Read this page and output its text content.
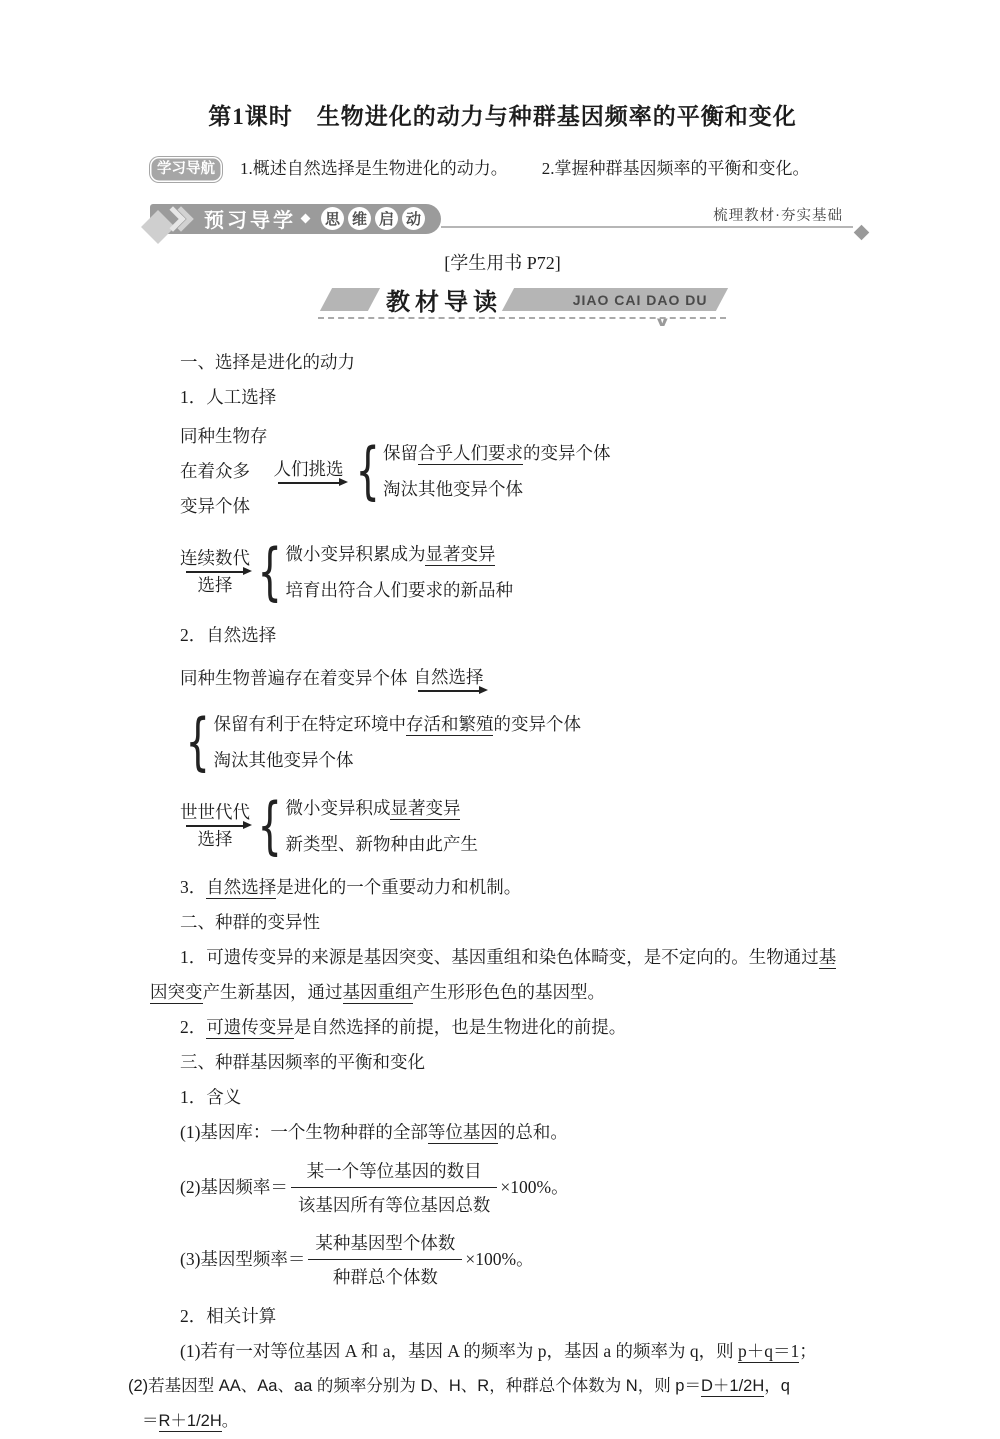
第1课时　生物进化的动力与种群基因频率的平衡和变化
学习导航	1.概述自然选择是生物进化的动力。 2.掌握种群基因频率的平衡和变化。
预习导学 思 维 启 动	梳理教材·夯实基础
[学生用书 P72]
教材导读	JIAO CAI DAO DU
∨

一、选择是进化的动力

1．人工选择

同种生物存
在着众多
变异个体
人们挑选 { 保留合乎人们要求的变异个体
淘汰其他变异个体
连续数代
选择 { 微小变异积累成为显著变异
培育出符合人们要求的新品种

2．自然选择

同种生物普遍存在着变异个体 自然选择
{ 保留有利于在特定环境中存活和繁殖的变异个体
淘汰其他变异个体
世世代代
选择 { 微小变异积成显著变异
新类型、新物种由此产生

3．自然选择是进化的一个重要动力和机制。

二、种群的变异性

1．可遗传变异的来源是基因突变、基因重组和染色体畸变，是不定向的。生物通过基

因突变产生新基因，通过基因重组产生形形色色的基因型。

2．可遗传变异是自然选择的前提，也是生物进化的前提。

三、种群基因频率的平衡和变化

1．含义

(1)基因库：一个生物种群的全部等位基因的总和。

(2)基因频率＝ $\frac{\text{某一个等位基因的数目}}{\text{该基因所有等位基因总数}} \times 100\%$。
(3)基因型频率＝ $\frac{\text{某种基因型个体数}}{\text{种群总个体数}} \times 100\%$。

2．相关计算

(1)若有一对等位基因 A 和 a，基因 A 的频率为 p，基因 a 的频率为 q，则 p＋q＝1；

(2)若基因型 AA、Aa、aa 的频率分别为 D、H、R，种群总个体数为 N，则 p＝D＋1/2H，q

＝R＋1/2H。
